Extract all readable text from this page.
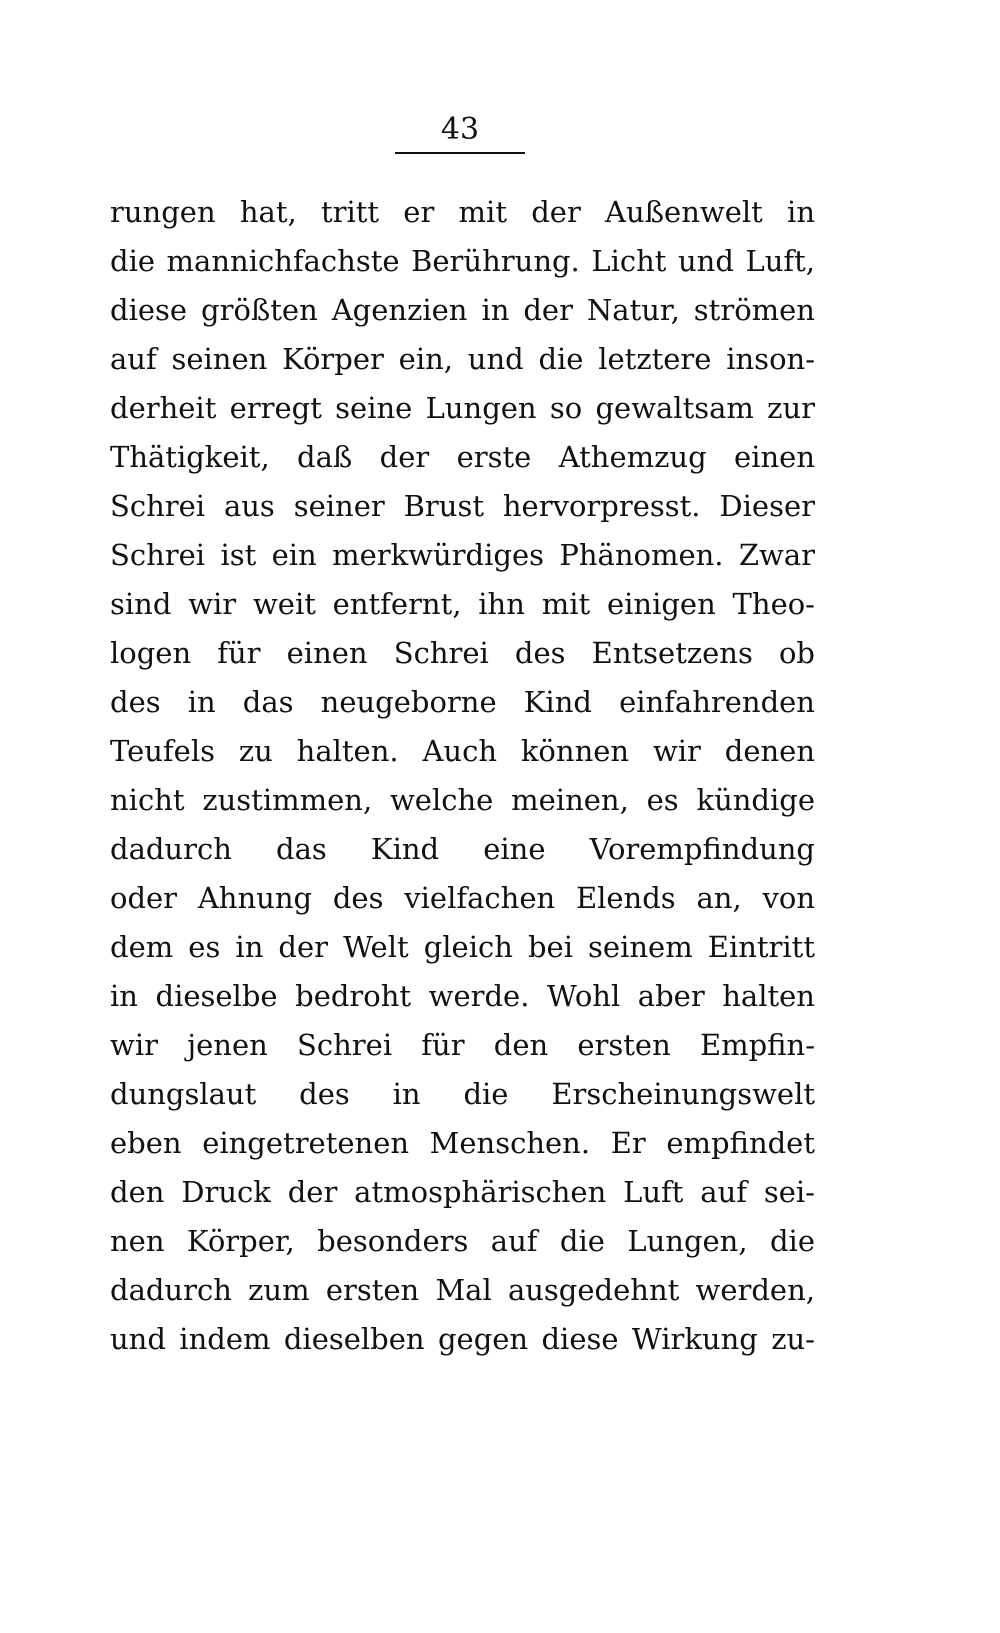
43
rungen hat, tritt er mit der Außenwelt in
die mannichfachste Berührung. Licht und Luft,
diese größten Agenzien in der Natur, strömen
auf seinen Körper ein, und die letztere inson-
derheit erregt seine Lungen so gewaltsam zur
Thätigkeit, daß der erste Athemzug einen
Schrei aus seiner Brust hervorpresst. Dieser
Schrei ist ein merkwürdiges Phänomen. Zwar
sind wir weit entfernt, ihn mit einigen Theo-
logen für einen Schrei des Entsetzens ob
des in das neugeborne Kind einfahrenden
Teufels zu halten. Auch können wir denen
nicht zustimmen, welche meinen, es kündige
dadurch das Kind eine Vorempfindung
oder Ahnung des vielfachen Elends an, von
dem es in der Welt gleich bei seinem Eintritt
in dieselbe bedroht werde. Wohl aber halten
wir jenen Schrei für den ersten Empfin-
dungslaut des in die Erscheinungswelt
eben eingetretenen Menschen. Er empfindet
den Druck der atmosphärischen Luft auf sei-
nen Körper, besonders auf die Lungen, die
dadurch zum ersten Mal ausgedehnt werden,
und indem dieselben gegen diese Wirkung zu-
